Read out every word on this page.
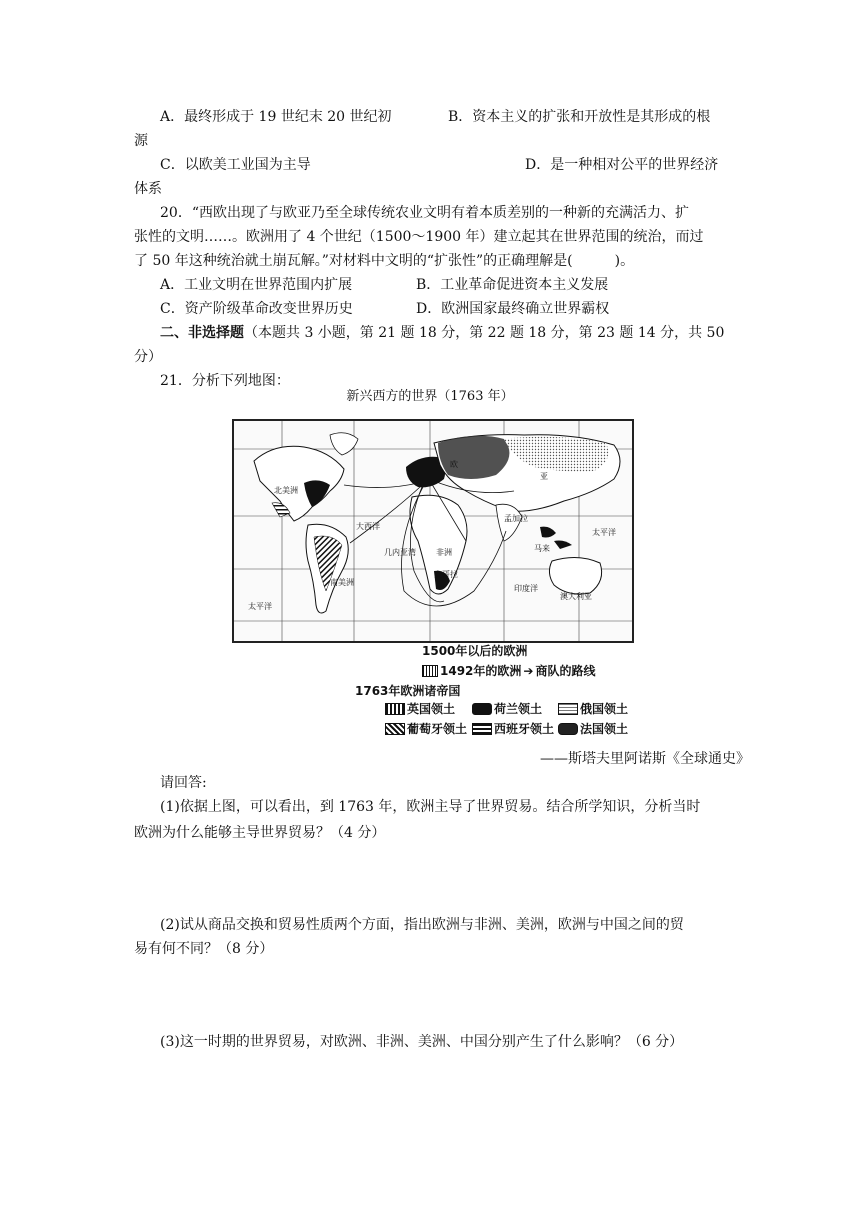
A．最终形成于 19 世纪末 20 世纪初	B．资本主义的扩张和开放性是其形成的根
源
C．以欧美工业国为主导	D．是一种相对公平的世界经济
体系
20．“西欧出现了与欧亚乃至全球传统农业文明有着本质差别的一种新的充满活力、扩
张性的文明……。欧洲用了 4 个世纪（1500～1900 年）建立起其在世界范围的统治，而过
了 50 年这种统治就土崩瓦解。”对材料中文明的“扩张性”的正确理解是(　　　)。
A．工业文明在世界范围内扩展	B．工业革命促进资本主义发展
C．资产阶级革命改变世界历史	D．欧洲国家最终确立世界霸权
二、非选择题（本题共 3 小题，第 21 题 18 分，第 22 题 18 分，第 23 题 14 分，共 50
分）
21．分析下列地图：
新兴西方的世界（1763 年）
北美洲
大西洋
欧
亚
孟加拉
太平洋
太平洋
南美洲
非洲
几内亚湾
印度洋
澳大利亚
安哥拉
马来
1500年以后的欧洲
1492年的欧洲 ➔ 商队的路线
1763年欧洲诸帝国
英国领土	荷兰领土	俄国领土
葡萄牙领土 西班牙领土 法国领土
——斯塔夫里阿诺斯《全球通史》
请回答:
(1)依据上图，可以看出，到 1763 年，欧洲主导了世界贸易。结合所学知识，分析当时
欧洲为什么能够主导世界贸易？（4 分）
(2)试从商品交换和贸易性质两个方面，指出欧洲与非洲、美洲，欧洲与中国之间的贸
易有何不同？（8 分）
(3)这一时期的世界贸易，对欧洲、非洲、美洲、中国分别产生了什么影响？（6 分）
